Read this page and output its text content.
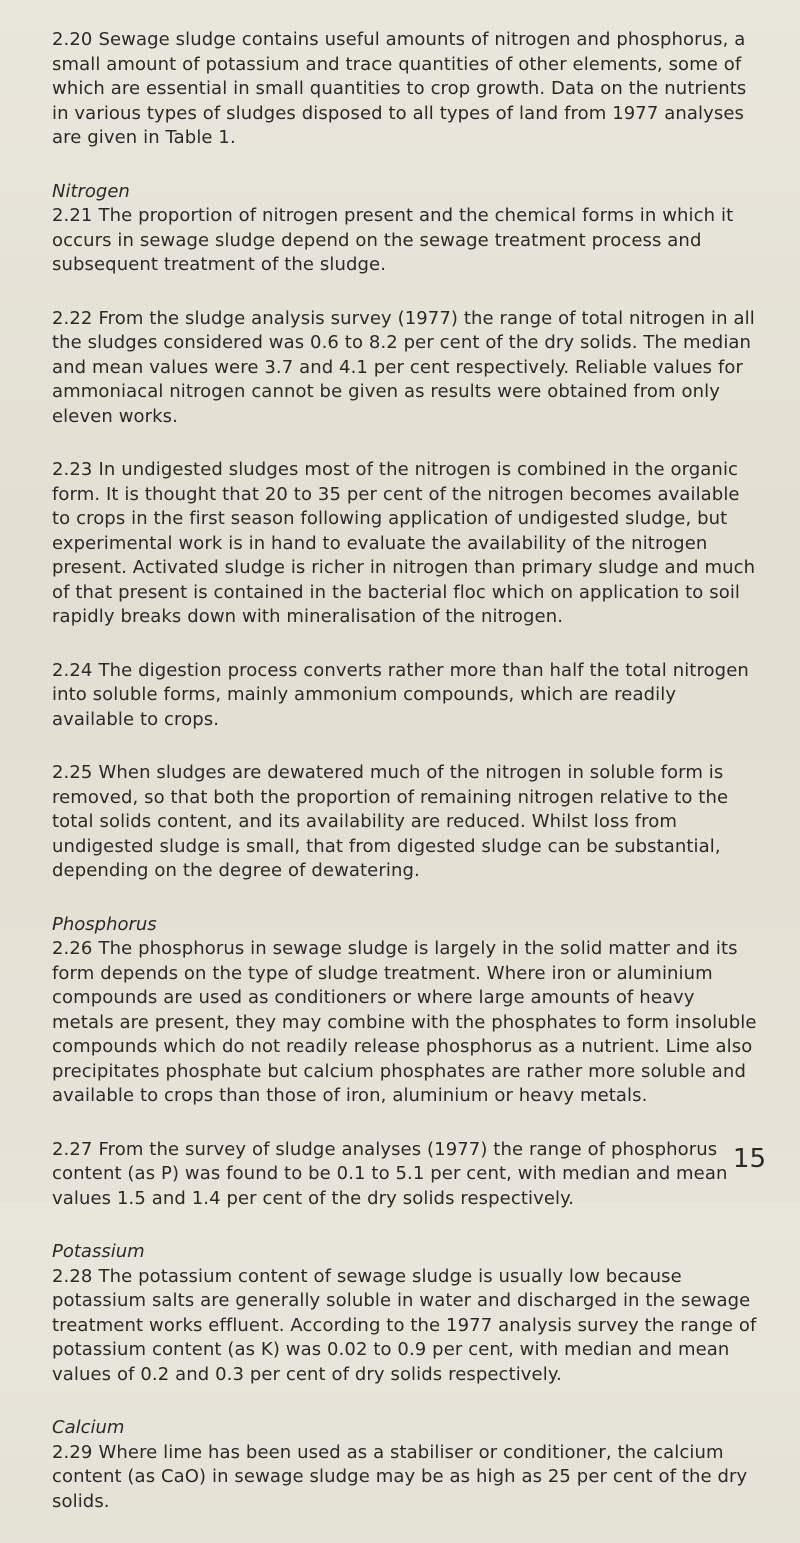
2.20 Sewage sludge contains useful amounts of nitrogen and phosphorus, a small amount of potassium and trace quantities of other elements, some of which are essential in small quantities to crop growth. Data on the nutrients in various types of sludges disposed to all types of land from 1977 analyses are given in Table 1.

Nitrogen

2.21 The proportion of nitrogen present and the chemical forms in which it occurs in sewage sludge depend on the sewage treatment process and subsequent treatment of the sludge.

2.22 From the sludge analysis survey (1977) the range of total nitrogen in all the sludges considered was 0.6 to 8.2 per cent of the dry solids. The median and mean values were 3.7 and 4.1 per cent respectively. Reliable values for ammoniacal nitrogen cannot be given as results were obtained from only eleven works.

2.23 In undigested sludges most of the nitrogen is combined in the organic form. It is thought that 20 to 35 per cent of the nitrogen becomes available to crops in the first season following application of undigested sludge, but experimental work is in hand to evaluate the availability of the nitrogen present. Activated sludge is richer in nitrogen than primary sludge and much of that present is contained in the bacterial floc which on application to soil rapidly breaks down with mineralisation of the nitrogen.

2.24 The digestion process converts rather more than half the total nitrogen into soluble forms, mainly ammonium compounds, which are readily available to crops.

2.25 When sludges are dewatered much of the nitrogen in soluble form is removed, so that both the proportion of remaining nitrogen relative to the total solids content, and its availability are reduced. Whilst loss from undigested sludge is small, that from digested sludge can be substantial, depending on the degree of dewatering.

Phosphorus

2.26 The phosphorus in sewage sludge is largely in the solid matter and its form depends on the type of sludge treatment. Where iron or aluminium compounds are used as conditioners or where large amounts of heavy metals are present, they may combine with the phosphates to form insoluble compounds which do not readily release phosphorus as a nutrient. Lime also precipitates phosphate but calcium phosphates are rather more soluble and available to crops than those of iron, aluminium or heavy metals.

2.27 From the survey of sludge analyses (1977) the range of phosphorus content (as P) was found to be 0.1 to 5.1 per cent, with median and mean values 1.5 and 1.4 per cent of the dry solids respectively.

Potassium

2.28 The potassium content of sewage sludge is usually low because potassium salts are generally soluble in water and discharged in the sewage treatment works effluent. According to the 1977 analysis survey the range of potassium content (as K) was 0.02 to 0.9 per cent, with median and mean values of 0.2 and 0.3 per cent of dry solids respectively.

Calcium

2.29 Where lime has been used as a stabiliser or conditioner, the calcium content (as CaO) in sewage sludge may be as high as 25 per cent of the dry solids.

15
